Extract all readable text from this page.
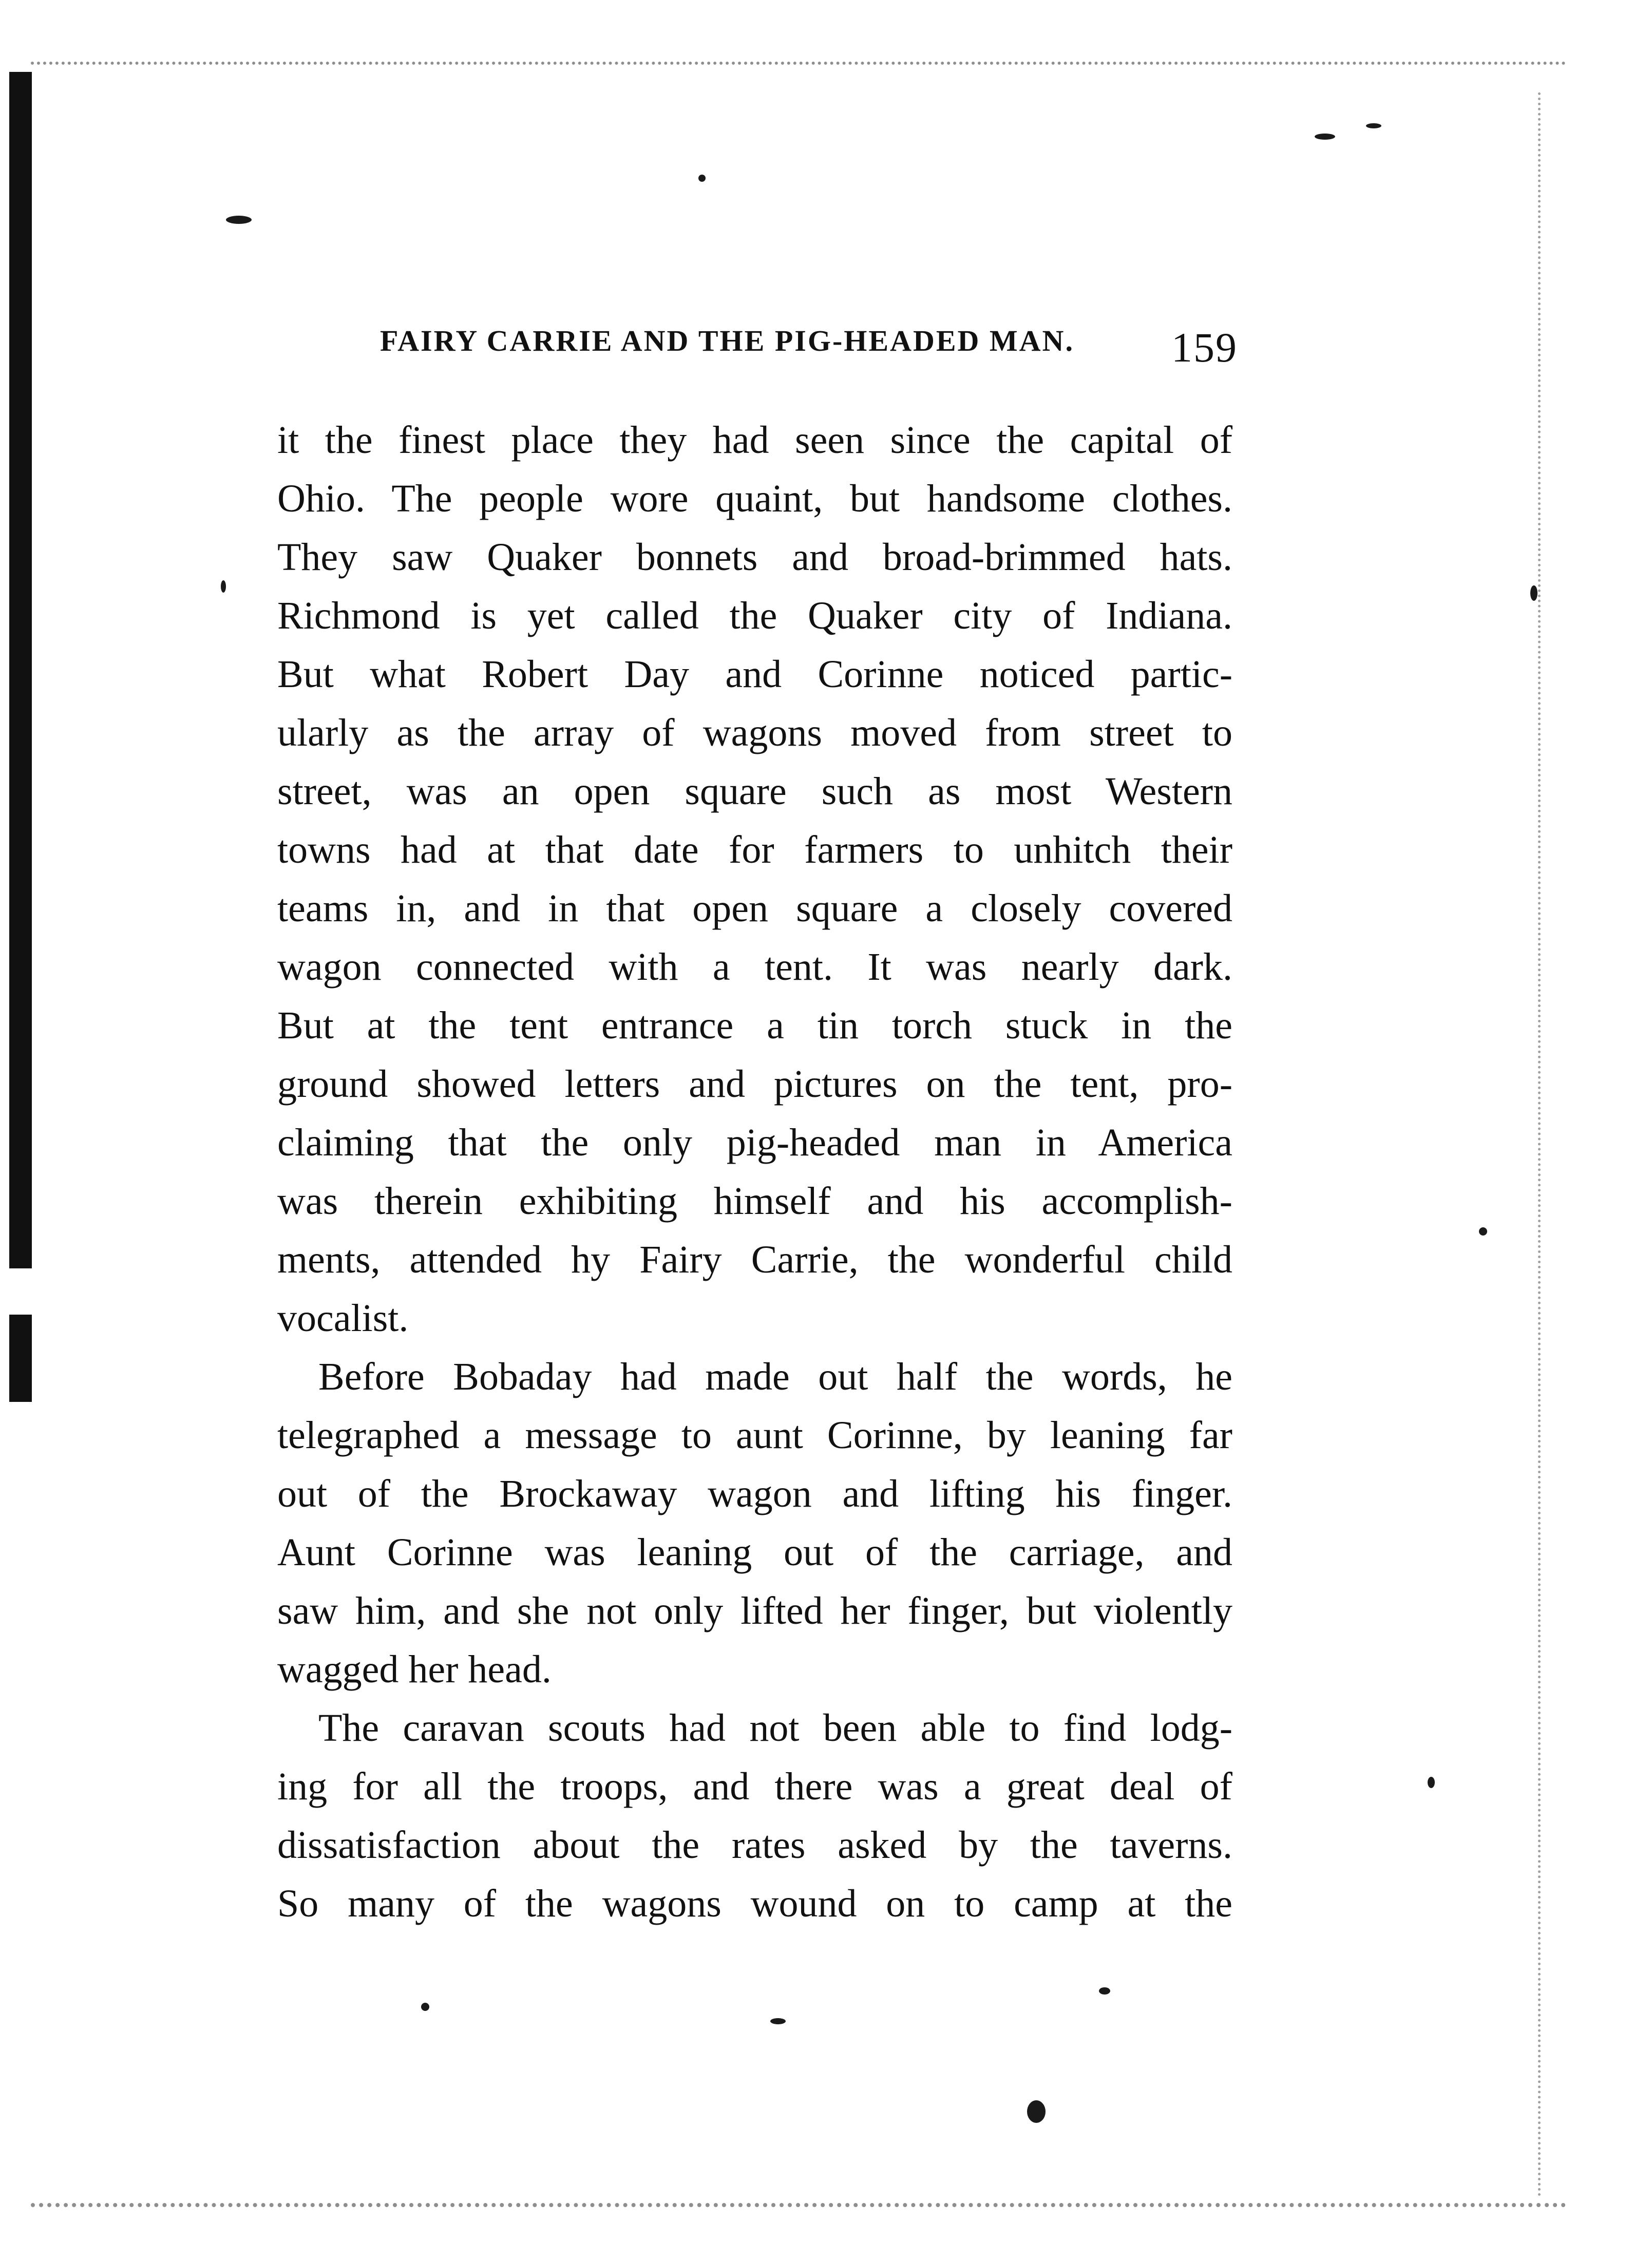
FAIRY CARRIE AND THE PIG-HEADED MAN. 159
it the finest place they had seen since the capital of
Ohio. The people wore quaint, but handsome clothes.
They saw Quaker bonnets and broad-brimmed hats.
Richmond is yet called the Quaker city of Indiana.
But what Robert Day and Corinne noticed partic-
ularly as the array of wagons moved from street to
street, was an open square such as most Western
towns had at that date for farmers to unhitch their
teams in, and in that open square a closely covered
wagon connected with a tent. It was nearly dark.
But at the tent entrance a tin torch stuck in the
ground showed letters and pictures on the tent, pro-
claiming that the only pig-headed man in America
was therein exhibiting himself and his accomplish-
ments, attended hy Fairy Carrie, the wonderful child
vocalist.
Before Bobaday had made out half the words, he
telegraphed a message to aunt Corinne, by leaning far
out of the Brockaway wagon and lifting his finger.
Aunt Corinne was leaning out of the carriage, and
saw him, and she not only lifted her finger, but violently
wagged her head.
The caravan scouts had not been able to find lodg-
ing for all the troops, and there was a great deal of
dissatisfaction about the rates asked by the taverns.
So many of the wagons wound on to camp at the
